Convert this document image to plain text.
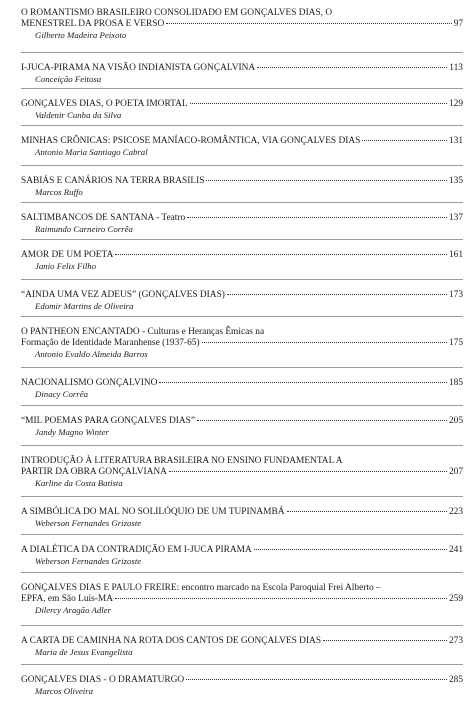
O ROMANTISMO BRASILEIRO CONSOLIDADO EM GONÇALVES DIAS, O
MENESTREL DA PROSA E VERSO	97
Gilberto Madeira Peixoto
I-JUCA-PIRAMA NA VISÃO INDIANISTA GONÇALVINA	113
Conceição Feitosa
GONÇALVES DIAS, O POETA IMORTAL	129
Valdenir Cunha da Silva
MINHAS CRÔNICAS: PSICOSE MANÍACO-ROMÂNTICA, VIA GONÇALVES DIAS	131
Antonio Maria Santiago Cabral
SABIÁS E CANÁRIOS NA TERRA BRASILIS	135
Marcos Ruffo
SALTIMBANCOS DE SANTANA - Teatro	137
Raimundo Carneiro Corrêa
AMOR DE UM POETA	161
Janio Felix Filho
“AINDA UMA VEZ ADEUS” (GONÇALVES DIAS)	173
Edomir Martins de Oliveira
O PANTHEON ENCANTADO - Culturas e Heranças Êmicas na
Formação de Identidade Maranhense (1937-65)	175
Antonio Evaldo Almeida Barros
NACIONALISMO GONÇALVINO	185
Dinacy Corrêa
“MIL POEMAS PARA GONÇALVES DIAS”	205
Jandy Magno Winter
INTRODUÇÃO À LITERATURA BRASILEIRA NO ENSINO FUNDAMENTAL A
PARTIR DA OBRA GONÇALVIANA	207
Karline da Costa Batista
A SIMBÓLICA DO MAL NO SOLILÓQUIO DE UM TUPINAMBÁ	223
Weberson Fernandes Grizoste
A DIALÉTICA DA CONTRADIÇÃO EM I-JUCA PIRAMA	241
Weberson Fernandes Grizoste
GONÇALVES DIAS E PAULO FREIRE: encontro marcado na Escola Paroquial Frei Alberto –
EPFA, em São Luís-MA	259
Dilercy Aragão Adler
A CARTA DE CAMINHA NA ROTA DOS CANTOS DE GONÇALVES DIAS	273
Maria de Jesus Evangelista
GONÇALVES DIAS - O DRAMATURGO	285
Marcos Oliveira
